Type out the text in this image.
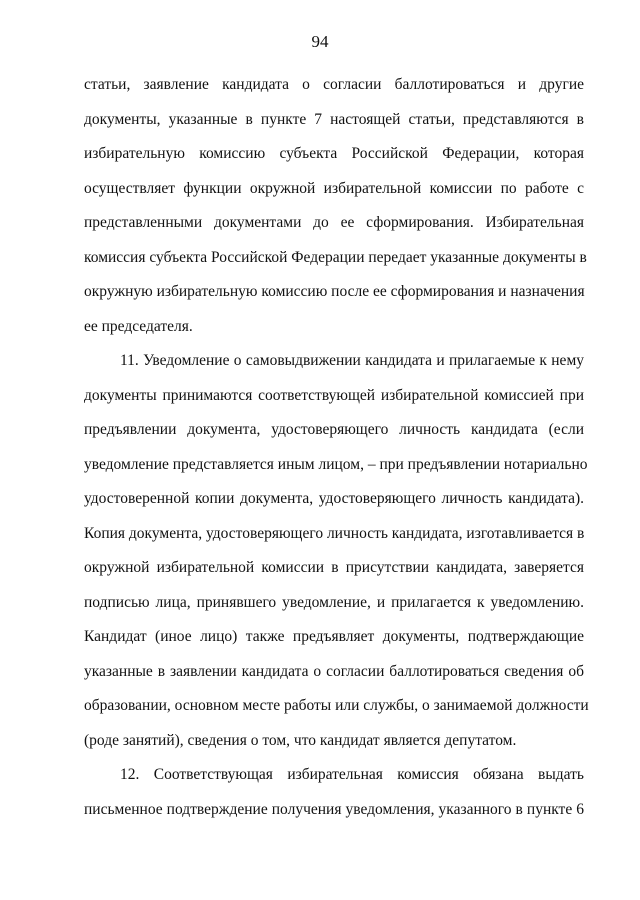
94

статьи, заявление кандидата о согласии баллотироваться и другие
документы, указанные в пункте 7 настоящей статьи, представляются в
избирательную комиссию субъекта Российской Федерации, которая
осуществляет функции окружной избирательной комиссии по работе с
представленными документами до ее сформирования. Избирательная
комиссия субъекта Российской Федерации передает указанные документы в
окружную избирательную комиссию после ее сформирования и назначения
ее председателя.

11. Уведомление о самовыдвижении кандидата и прилагаемые к нему
документы принимаются соответствующей избирательной комиссией при
предъявлении документа, удостоверяющего личность кандидата (если
уведомление представляется иным лицом, – при предъявлении нотариально
удостоверенной копии документа, удостоверяющего личность кандидата).
Копия документа, удостоверяющего личность кандидата, изготавливается в
окружной избирательной комиссии в присутствии кандидата, заверяется
подписью лица, принявшего уведомление, и прилагается к уведомлению.
Кандидат (иное лицо) также предъявляет документы, подтверждающие
указанные в заявлении кандидата о согласии баллотироваться сведения об
образовании, основном месте работы или службы, о занимаемой должности
(роде занятий), сведения о том, что кандидат является депутатом.

12. Соответствующая избирательная комиссия обязана выдать
письменное подтверждение получения уведомления, указанного в пункте 6
